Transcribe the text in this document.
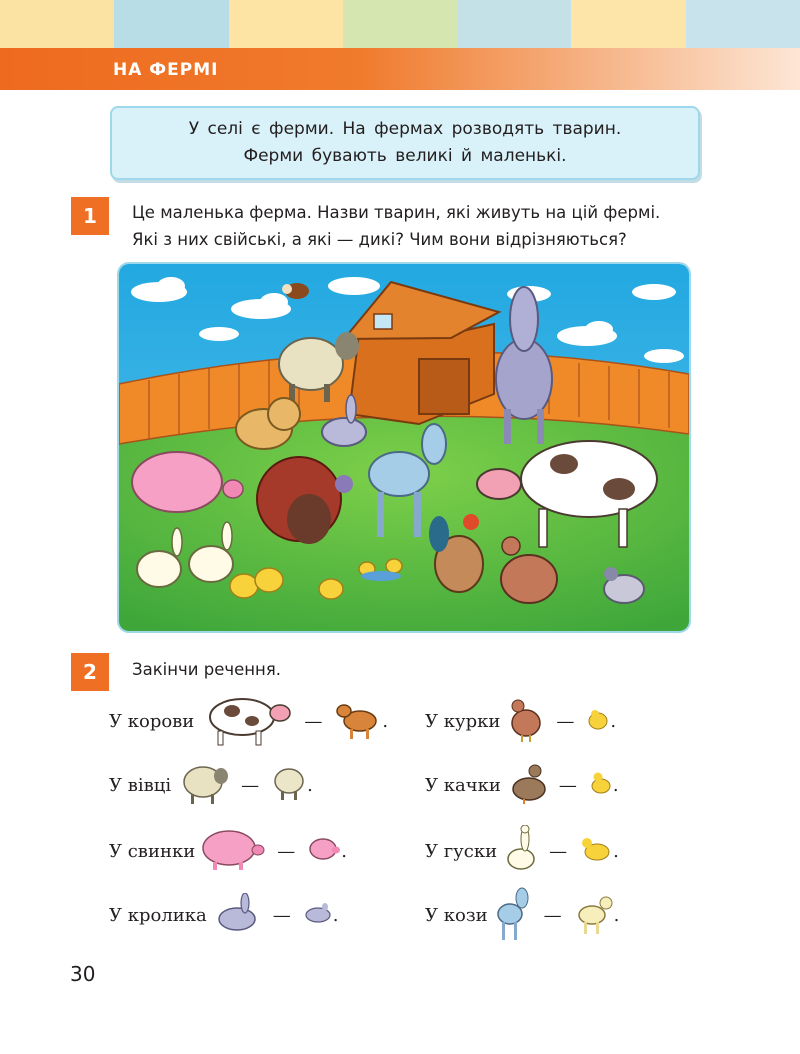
НА ФЕРМІ

У селі є ферми. На фермах розводять тварин.
Ферми бувають великі й маленькі.

1	Це маленька ферма. Назви тварин, які живуть на цій фермі.
Які з них свійські, а які — дикі? Чим вони відрізняються?
2	Закінчи речення.
У корови	—	.
У вівці	—	.
У свинки	—	.
У кролика	— .
У курки	— .
У качки	— .
У гуски	—	.
У кози	—	.
30
